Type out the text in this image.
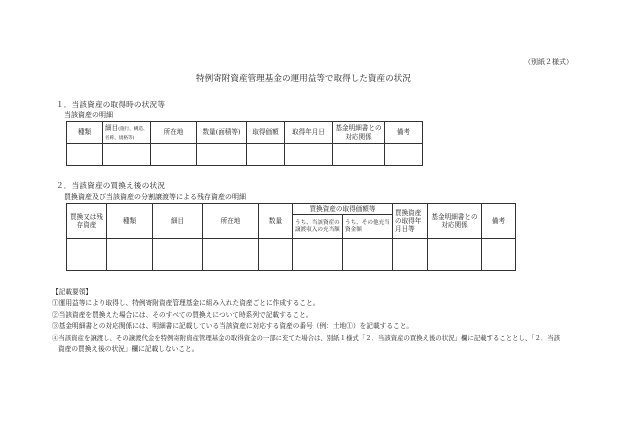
（別紙２様式）
特例寄附資産管理基金の運用益等で取得した資産の状況
１．当該資産の取得時の状況等
当該資産の明細
種類	細目(施行、構造、名称、規格等)	所在地	数量(面積等)	取得価額	取得年月日	基金明細書との対応関係	備考

２．当該資産の買換え後の状況
買換資産及び当該資産の分割譲渡等による残存資産の明細
買換又は残存資産	種類	細目	所在地	数量	買換資産の取得価額等		買換資産の取得年月日等	基金明細書との対応関係	備考
					うち、当該資産の譲渡収入の充当額	うち、その他充当資金額			

【記載要領】
①運用益等により取得し、特例寄附資産管理基金に組み入れた資産ごとに作成すること。
②当該資産を買換えた場合には、そのすべての買換えについて時系列で記載すること。
③基金明細書との対応関係には、明細書に記載している当該資産に対応する資産の番号（例：土地①）を記載すること。
④当該資産を譲渡し、その譲渡代金を特例寄附資産管理基金の取得資金の一部に充てた場合は、別紙１様式「２．当該資産の買換え後の状況」欄に記載することとし、「２．当該
資産の買換え後の状況」欄に記載しないこと。
